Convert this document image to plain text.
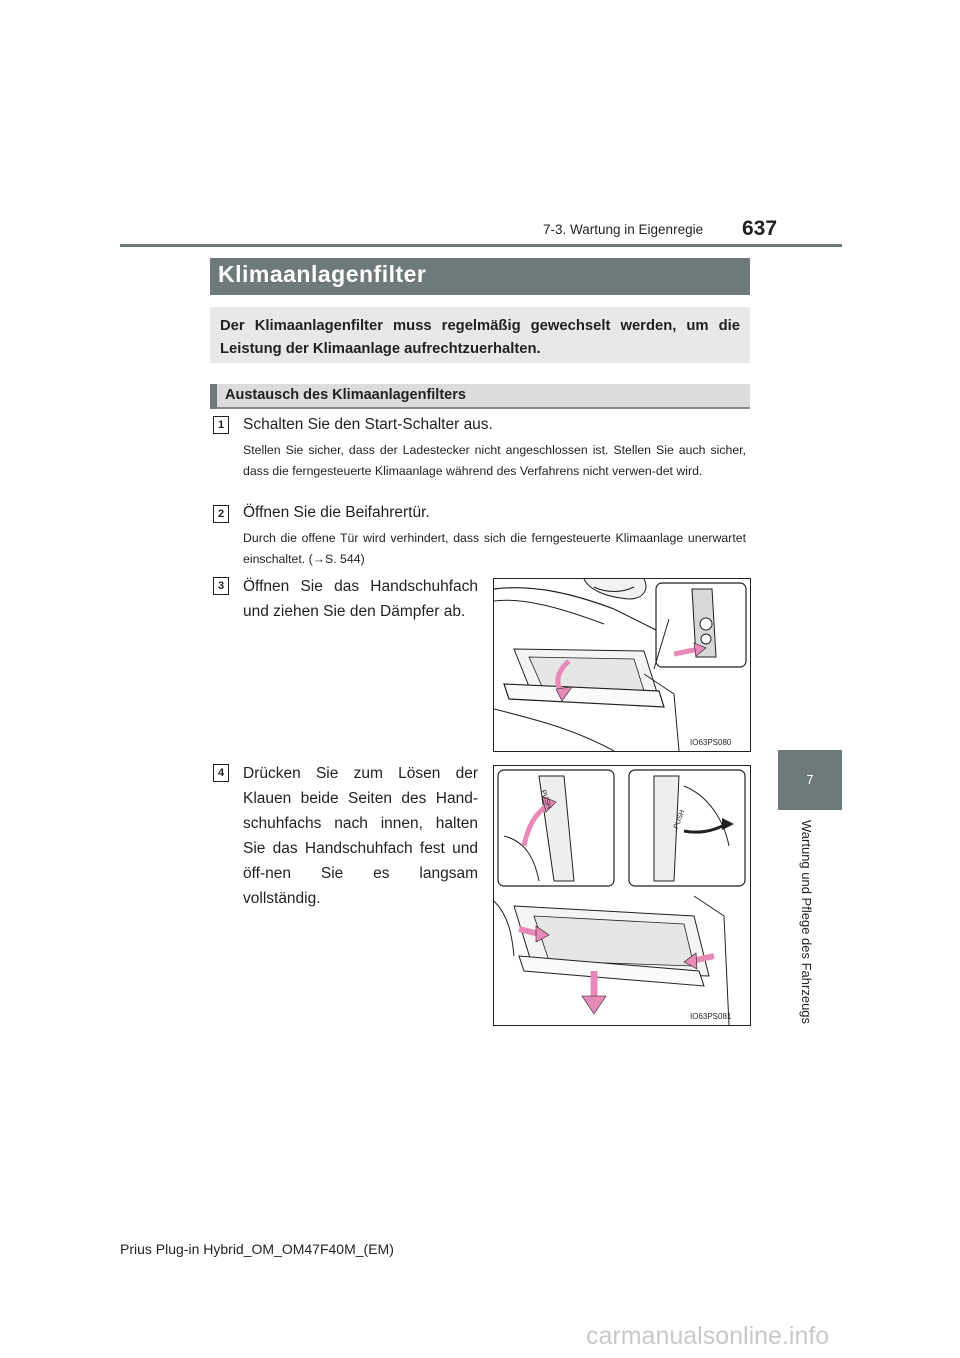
7-3. Wartung in Eigenregie 637
7
Wartung und Pflege des Fahrzeugs
Klimaanlagenfilter

Der Klimaanlagenfilter muss regelmäßig gewechselt werden, um die Leistung der Klimaanlage aufrechtzuerhalten.

Austausch des Klimaanlagenfilters
1	Schalten Sie den Start-Schalter aus.
Stellen Sie sicher, dass der Ladestecker nicht angeschlossen ist. Stellen Sie auch sicher, dass die ferngesteuerte Klimaanlage während des Verfahrens nicht verwen-det wird.
2	Öffnen Sie die Beifahrertür.
Durch die offene Tür wird verhindert, dass sich die ferngesteuerte Klimaanlage unerwartet einschaltet. (→S. 544)
3	Öffnen Sie das Handschuhfach und ziehen Sie den Dämpfer ab.
IO63PS080
4	Drücken Sie zum Lösen der Klauen beide Seiten des Hand-schuhfachs nach innen, halten Sie das Handschuhfach fest und öff-nen Sie es langsam vollständig.
PUSH
PUSH
IO63PS081
Prius Plug-in Hybrid_OM_OM47F40M_(EM)
carmanualsonline.info
